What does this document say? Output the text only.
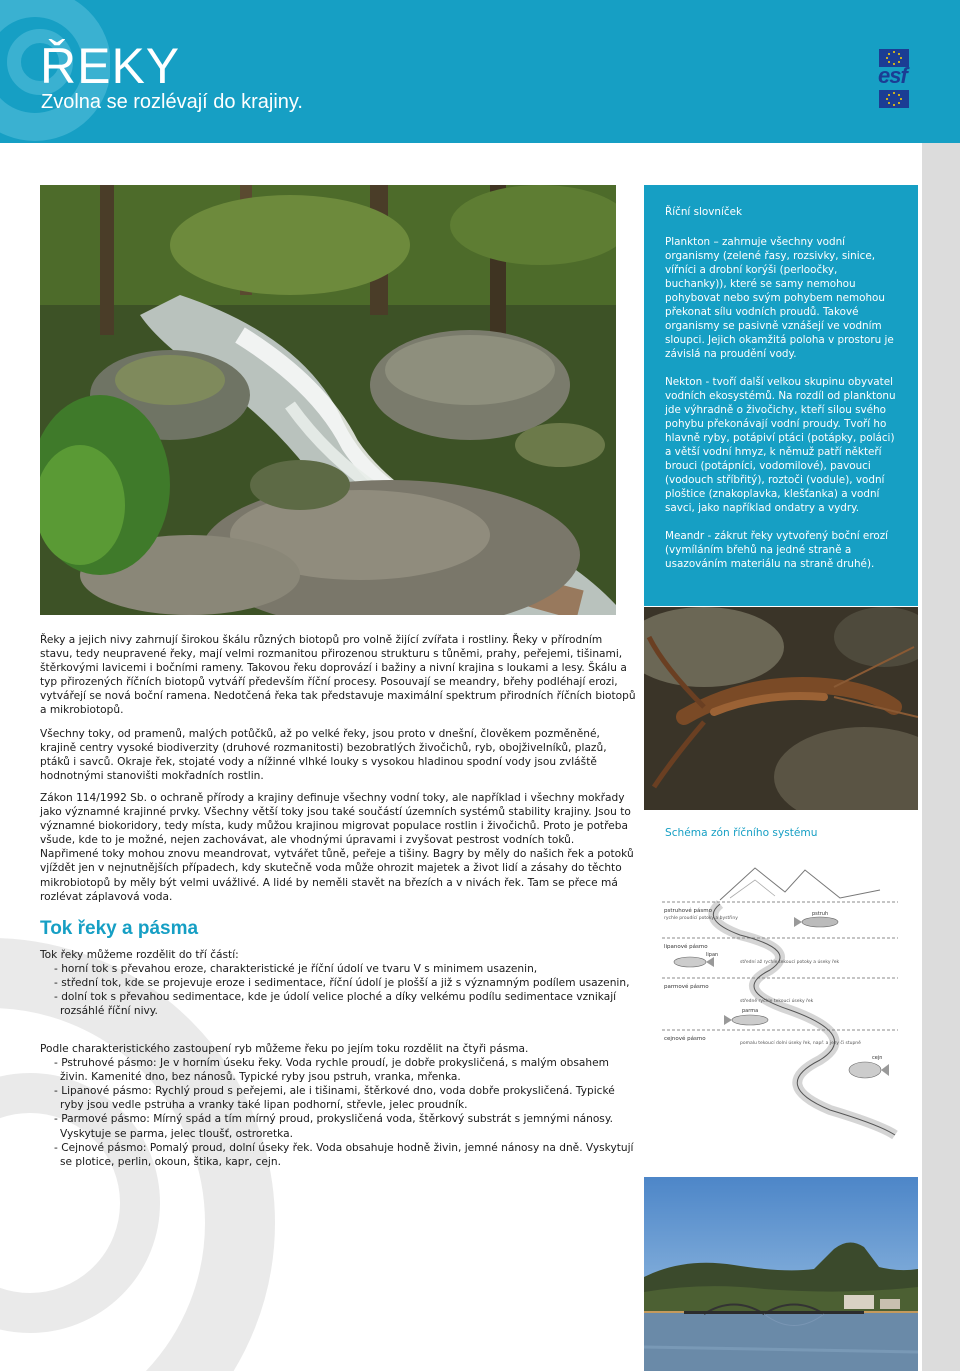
ŘEKY
Zvolna se rozlévají do krajiny.
esf
Říční slovníček

Plankton – zahrnuje všechny vodní organismy (zelené řasy, rozsivky, sinice, vířníci a drobní korýši (perloočky, buchanky)), které se samy nemohou pohybovat nebo svým pohybem nemohou překonat sílu vodních proudů. Takové organismy se pasivně vznášejí ve vodním sloupci. Jejich okamžitá poloha v prostoru je závislá na proudění vody.

Nekton - tvoří další velkou skupinu obyvatel vodních ekosystémů. Na rozdíl od planktonu jde výhradně o živočichy, kteří silou svého pohybu překonávají vodní proudy. Tvoří ho hlavně ryby, potápiví ptáci (potápky, poláci) a větší vodní hmyz, k němuž patří někteří brouci (potápníci, vodomilové), pavouci (vodouch stříbřitý), roztoči (vodule), vodní ploštice (znakoplavka, klešťanka) a vodní savci, jako například ondatry a vydry.

Meandr - zákrut řeky vytvořený boční erozí (vymíláním břehů na jedné straně a usazováním materiálu na straně druhé).

Řeky a jejich nivy zahrnují širokou škálu různých biotopů pro volně žijící zvířata i rostliny. Řeky v přírodním stavu, tedy neupravené řeky, mají velmi rozmanitou přirozenou strukturu s tůněmi, prahy, peřejemi, tišinami, štěrkovými lavicemi i bočními rameny. Takovou řeku doprovází i bažiny a nivní krajina s loukami a lesy. Škálu a typ přirozených říčních biotopů vytváří především říční procesy. Posouvají se meandry, břehy podléhají erozi, vytvářejí se nová boční ramena. Nedotčená řeka tak představuje maximální spektrum přirodních říčních biotopů a mikrobiotopů.

Všechny toky, od pramenů, malých potůčků, až po velké řeky, jsou proto v dnešní, člověkem pozměněné, krajině centry vysoké biodiverzity (druhové rozmanitosti) bezobratlých živočichů, ryb, obojživelníků, plazů, ptáků i savců. Okraje řek, stojaté vody a nížinné vlhké louky s vysokou hladinou spodní vody jsou zvláště hodnotnými stanovišti mokřadních rostlin.

Zákon 114/1992 Sb. o ochraně přírody a krajiny definuje všechny vodní toky, ale například i všechny mokřady jako významné krajinné prvky. Všechny větší toky jsou také součástí územních systémů stability krajiny. Jsou to významné biokoridory, tedy místa, kudy můžou krajinou migrovat populace rostlin i živočichů. Proto je potřeba všude, kde to je možné, nejen zachovávat, ale vhodnými úpravami i zvyšovat pestrost vodních toků. Napřimené toky mohou znovu meandrovat, vytvářet tůně, peřeje a tišiny. Bagry by měly do našich řek a potoků vjíždět jen v nejnutnějších případech, kdy skutečně voda může ohrozit majetek a život lidí a zásahy do těchto mikrobiotopů by měly být velmi uvážlivé. A lidé by neměli stavět na březích a v nivách řek. Tam se přece má rozlévat záplavová voda.

Tok řeky a pásma
Tok řeky můžeme rozdělit do tří částí:
- horní tok s převahou eroze, charakteristické je říční údolí ve tvaru V s minimem usazenin,
- střední tok, kde se projevuje eroze i sedimentace, říční údolí je plošší a již s významným podílem usazenin,
- dolní tok s převahou sedimentace, kde je údolí velice ploché a díky velkému podílu sedimentace vznikají rozsáhlé říční nivy.
Podle charakteristického zastoupení ryb můžeme řeku po jejím toku rozdělit na čtyři pásma.
- Pstruhové pásmo: Je v horním úseku řeky. Voda rychle proudí, je dobře prokysličená, s malým obsahem živin. Kamenité dno, bez nánosů. Typické ryby jsou pstruh, vranka, mřenka.
- Lipanové pásmo: Rychlý proud s peřejemi, ale i tišinami, štěrkové dno, voda dobře prokysličená. Typické ryby jsou vedle pstruha a vranky také lipan podhorní, střevle, jelec proudník.
- Parmové pásmo: Mírný spád a tím mírný proud, prokysličená voda, štěrkový substrát s jemnými nánosy. Vyskytuje se parma, jelec tloušť, ostroretka.
- Cejnové pásmo: Pomalý proud, dolní úseky řek. Voda obsahuje hodně živin, jemné nánosy na dně. Vyskytují se plotice, perlin, okoun, štika, kapr, cejn.
Schéma zón říčního systému
pstruhové pásmo
rychle proudící potoky a bystřiny
lipanové pásmo
parmové pásmo
cejnové pásmo
střední až rychle tekoucí potoky a úseky řek
středně rychle tekoucí úseky řek
pomalu tekoucí dolní úseky řek, např. a jezy či stupně
pstruh
lipan
parma
cejn
